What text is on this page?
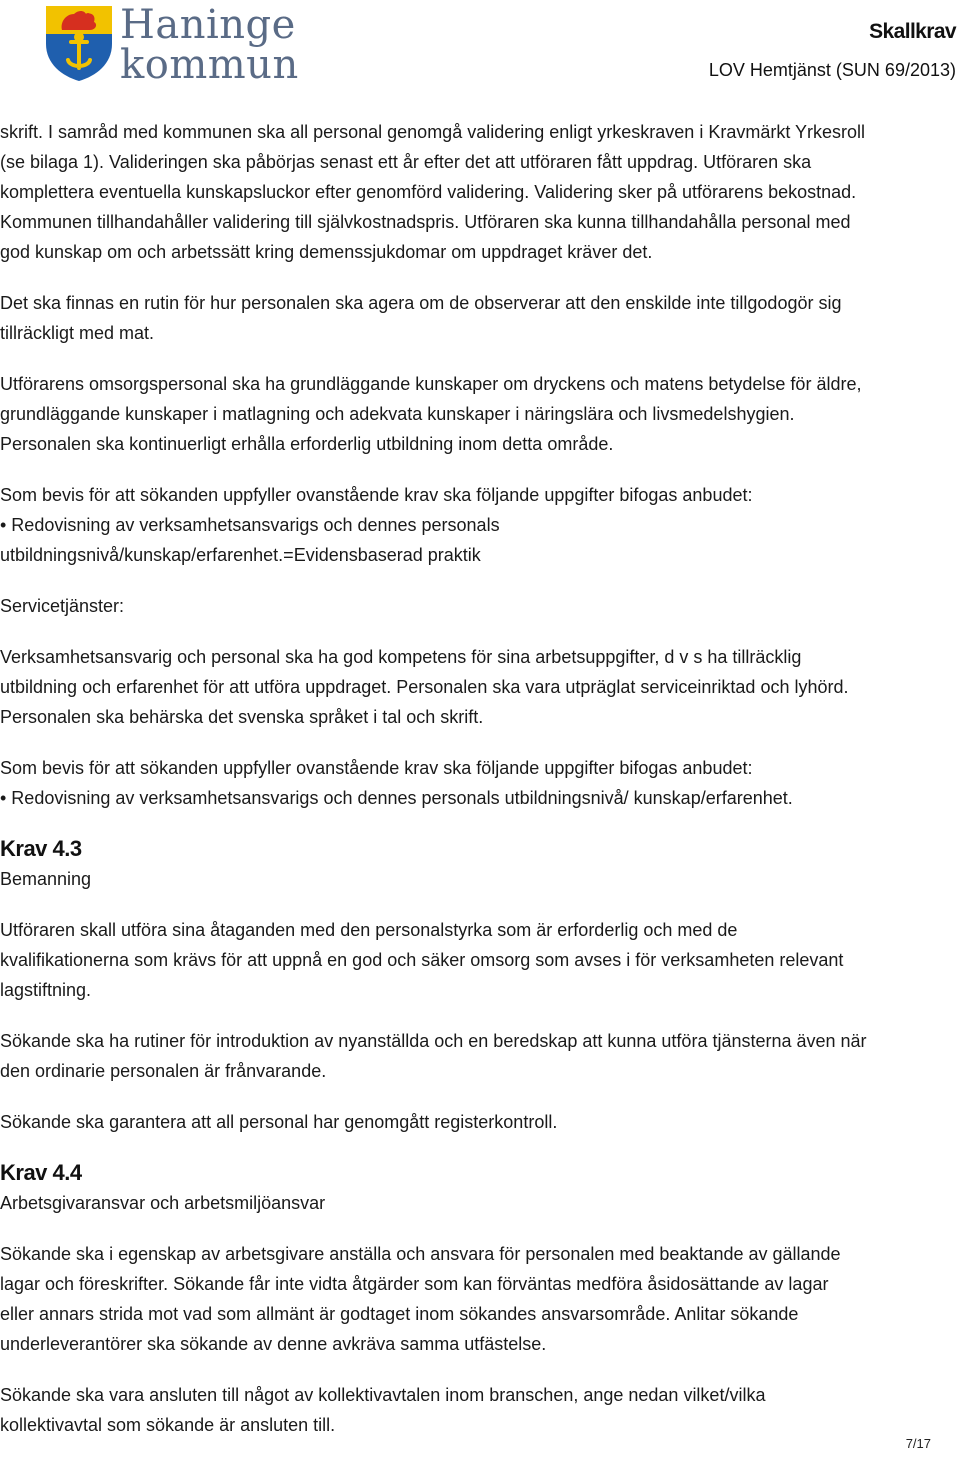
Haninge
kommun
Skallkrav
LOV Hemtjänst (SUN 69/2013)

skrift. I samråd med kommunen ska all personal genomgå validering enligt yrkeskraven i Kravmärkt Yrkesroll
(se bilaga 1). Valideringen ska påbörjas senast ett år efter det att utföraren fått uppdrag. Utföraren ska
komplettera eventuella kunskapsluckor efter genomförd validering. Validering sker på utförarens bekostnad.
Kommunen tillhandahåller validering till självkostnadspris. Utföraren ska kunna tillhandahålla personal med
god kunskap om och arbetssätt kring demenssjukdomar om uppdraget kräver det.

Det ska finnas en rutin för hur personalen ska agera om de observerar att den enskilde inte tillgodogör sig
tillräckligt med mat.

Utförarens omsorgspersonal ska ha grundläggande kunskaper om dryckens och matens betydelse för äldre,
grundläggande kunskaper i matlagning och adekvata kunskaper i näringslära och livsmedelshygien.
Personalen ska kontinuerligt erhålla erforderlig utbildning inom detta område.

Som bevis för att sökanden uppfyller ovanstående krav ska följande uppgifter bifogas anbudet:
• Redovisning av verksamhetsansvarigs och dennes personals
utbildningsnivå/kunskap/erfarenhet.=Evidensbaserad praktik

Servicetjänster:

Verksamhetsansvarig och personal ska ha god kompetens för sina arbetsuppgifter, d v s ha tillräcklig
utbildning och erfarenhet för att utföra uppdraget. Personalen ska vara utpräglat serviceinriktad och lyhörd.
Personalen ska behärska det svenska språket i tal och skrift.

Som bevis för att sökanden uppfyller ovanstående krav ska följande uppgifter bifogas anbudet:
• Redovisning av verksamhetsansvarigs och dennes personals utbildningsnivå/ kunskap/erfarenhet.

Krav 4.3
Bemanning

Utföraren skall utföra sina åtaganden med den personalstyrka som är erforderlig och med de
kvalifikationerna som krävs för att uppnå en god och säker omsorg som avses i för verksamheten relevant
lagstiftning.

Sökande ska ha rutiner för introduktion av nyanställda och en beredskap att kunna utföra tjänsterna även när
den ordinarie personalen är frånvarande.

Sökande ska garantera att all personal har genomgått registerkontroll.

Krav 4.4
Arbetsgivaransvar och arbetsmiljöansvar

Sökande ska i egenskap av arbetsgivare anställa och ansvara för personalen med beaktande av gällande
lagar och föreskrifter. Sökande får inte vidta åtgärder som kan förväntas medföra åsidosättande av lagar
eller annars strida mot vad som allmänt är godtaget inom sökandes ansvarsområde. Anlitar sökande
underleverantörer ska sökande av denne avkräva samma utfästelse.

Sökande ska vara ansluten till något av kollektivavtalen inom branschen, ange nedan vilket/vilka
kollektivavtal som sökande är ansluten till.

7/17
